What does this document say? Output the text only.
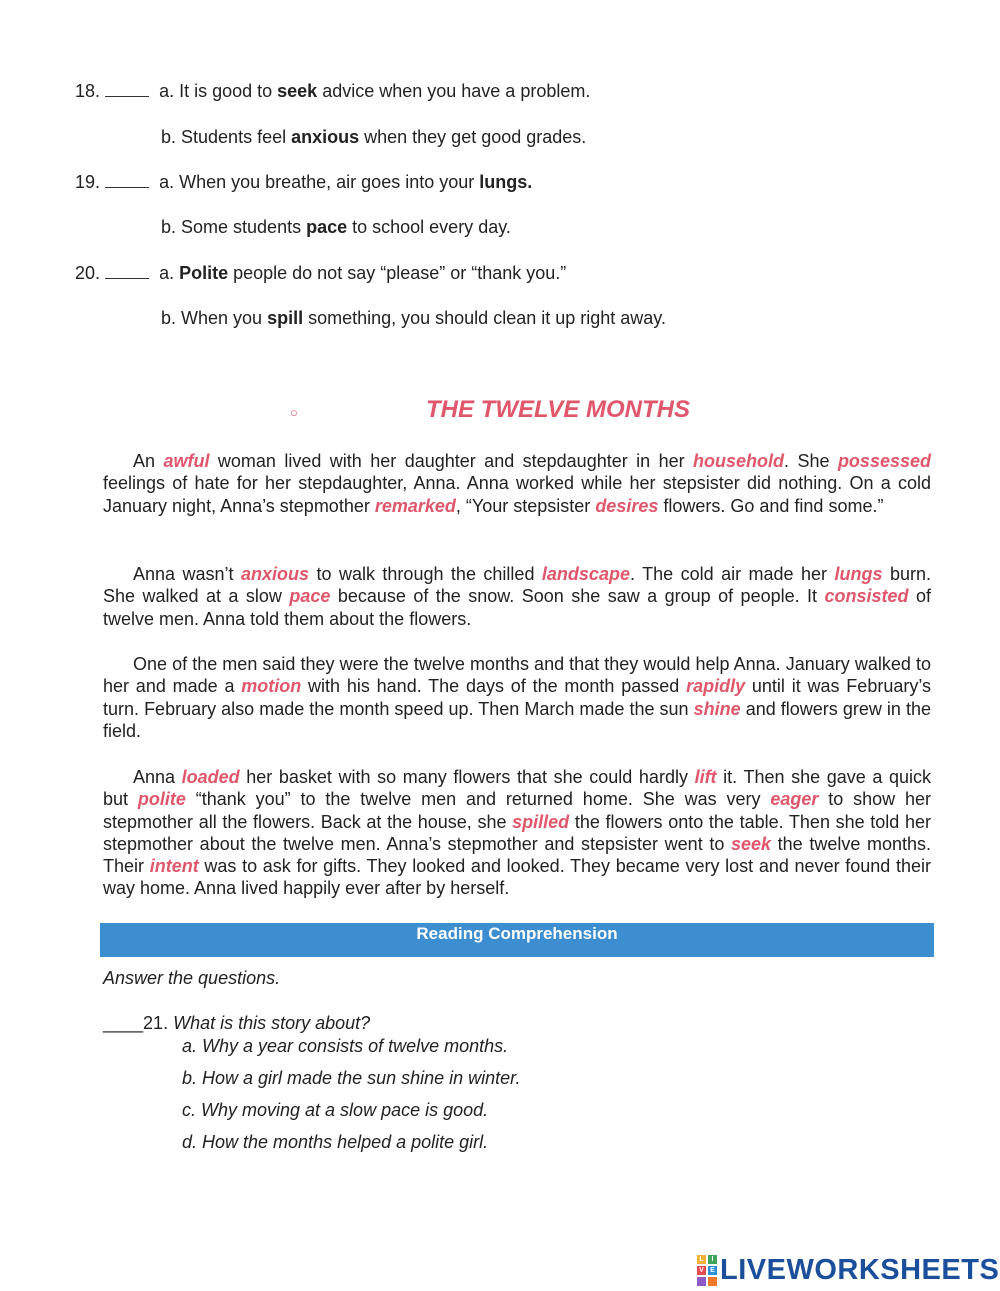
18.	a. It is good to seek advice when you have a problem.
b. Students feel anxious when they get good grades.
19.	a. When you breathe, air goes into your lungs.
b. Some students pace to school every day.
20.	a. Polite people do not say “please” or “thank you.”
b. When you spill something, you should clean it up right away.
○	THE TWELVE MONTHS
An awful woman lived with her daughter and stepdaughter in her household. She possessed feelings of hate for her stepdaughter, Anna. Anna worked while her stepsister did nothing. On a cold January night, Anna’s stepmother remarked, “Your stepsister desires flowers. Go and find some.”
Anna wasn’t anxious to walk through the chilled landscape. The cold air made her lungs burn. She walked at a slow pace because of the snow. Soon she saw a group of people. It consisted of twelve men. Anna told them about the flowers.
One of the men said they were the twelve months and that they would help Anna. January walked to her and made a motion with his hand. The days of the month passed rapidly until it was February’s turn. February also made the month speed up. Then March made the sun shine and flowers grew in the field.
Anna loaded her basket with so many flowers that she could hardly lift it. Then she gave a quick but polite “thank you” to the twelve men and returned home. She was very eager to show her stepmother all the flowers. Back at the house, she spilled the flowers onto the table. Then she told her stepmother about the twelve men. Anna’s stepmother and stepsister went to seek the twelve months. Their intent was to ask for gifts. They looked and looked. They became very lost and never found their way home. Anna lived happily ever after by herself.
Reading Comprehension
Answer the questions.
____21. What is this story about?
a. Why a year consists of twelve months.
b. How a girl made the sun shine in winter.
c. Why moving at a slow pace is good.
d. How the months helped a polite girl.
L	I
V E LIVEWORKSHEETS
